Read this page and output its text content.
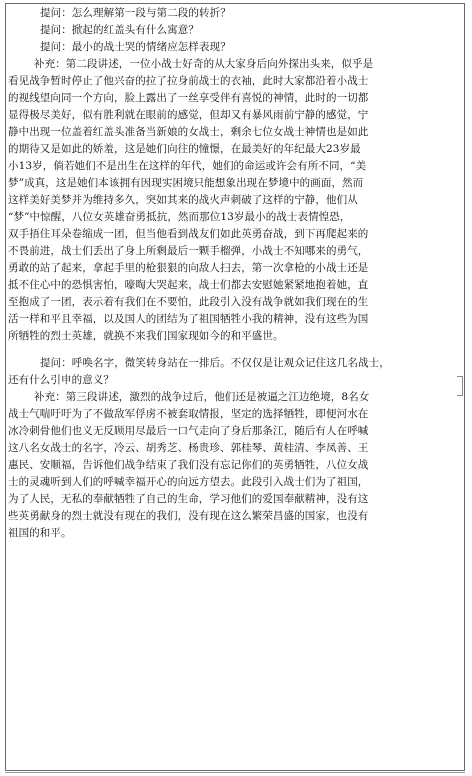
提问：怎么理解第一段与第二段的转折？
提问：掀起的红盖头有什么寓意？
提问：最小的战士哭的情绪应怎样表现？
补充：第二段讲述，一位小战士好奇的从大家身后向外探出头来，似乎是
看见战争暂时停止了他兴奋的拉了拉身前战士的衣袖，此时大家都沿着小战士
的视线望向同一个方向，脸上露出了一丝享受伴有喜悦的神情，此时的一切都
显得极尽美好，似有胜利就在眼前的感觉，但却又有暴风雨前宁静的感觉，宁
静中出现一位盖着红盖头准备当新娘的女战士，剩余七位女战士神情也是如此
的期待又是如此的娇羞，这是她们向往的憧憬，在最美好的年纪最大23岁最
小13岁，倘若她们不是出生在这样的年代，她们的命运或许会有所不同，“美
梦”成真，这是她们本该拥有因现实困境只能想象出现在梦境中的画面，然而
这样美好美梦并为维持多久，突如其来的战火声刺破了这样的宁静，他们从
“梦”中惊醒，八位女英雄奋勇抵抗，然而那位13岁最小的战士表情惶恐，
双手捂住耳朵卷缩成一团，但当他看到战友们如此英勇奋战，到下再爬起来的
不畏前进，战士们丢出了身上所剩最后一颗手榴弹，小战士不知哪来的勇气，
勇敢的站了起来，拿起手里的枪狠狠的向敌人扫去，第一次拿枪的小战士还是
抵不住心中的恐惧害怕，嚎啕大哭起来，战士们都去安慰她紧紧地抱着她，直
至抱成了一团，表示着有我们在不要怕，此段引入没有战争就如我们现在的生
活一样和平且幸福，以及国人的团结为了祖国牺牲小我的精神，没有这些为国
所牺牲的烈士英雄，就换不来我们国家现如今的和平盛世。
提问：呼唤名字，微笑转身站在一排后。不仅仅是让观众记住这几名战士，
还有什么引申的意义？
补充：第三段讲述，激烈的战争过后，他们还是被逼之江边绝境，8名女
战士气喘吁吁为了不做敌军俘虏不被套取情报，坚定的选择牺牲，即便河水在
冰冷刺骨他们也义无反顾用尽最后一口气走向了身后那条江，随后有人在呼喊
这八名女战士的名字，冷云、胡秀芝、杨贵珍、郭桂琴、黄桂清、李凤善、王
惠民、安顺福，告诉他们战争结束了我们没有忘记你们的英勇牺牲，八位女战
士的灵魂听到人们的呼喊幸福开心的向远方望去。此段引入战士们为了祖国，
为了人民，无私的奉献牺牲了自己的生命，学习他们的爱国奉献精神，没有这
些英勇献身的烈士就没有现在的我们，没有现在这么繁荣昌盛的国家，也没有
祖国的和平。
